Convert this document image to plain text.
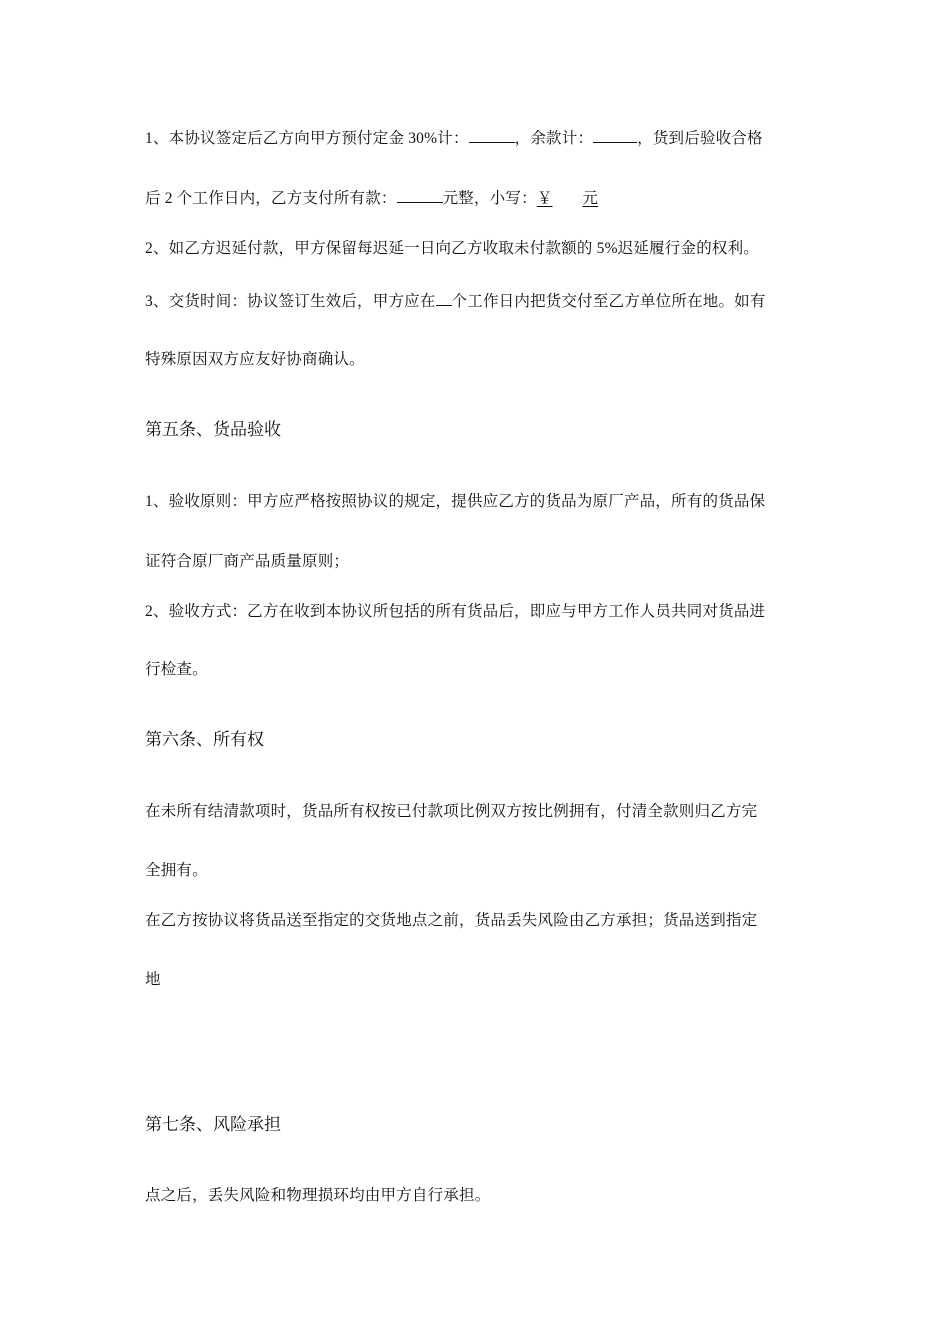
1、本协议签定后乙方向甲方预付定金 30%计：	，余款计：	，货到后验收合格
后 2 个工作日内，乙方支付所有款：	元整，小写：￥ 元
2、如乙方迟延付款，甲方保留每迟延一日向乙方收取未付款额的 5%迟延履行金的权利。
3、交货时间：协议签订生效后，甲方应在 个工作日内把货交付至乙方单位所在地。如有
特殊原因双方应友好协商确认。
第五条、货品验收
1、验收原则：甲方应严格按照协议的规定，提供应乙方的货品为原厂产品，所有的货品保
证符合原厂商产品质量原则；
2、验收方式：乙方在收到本协议所包括的所有货品后，即应与甲方工作人员共同对货品进
行检查。
第六条、所有权
在未所有结清款项时，货品所有权按已付款项比例双方按比例拥有，付清全款则归乙方完
全拥有。
在乙方按协议将货品送至指定的交货地点之前，货品丢失风险由乙方承担；货品送到指定
地
第七条、风险承担
点之后，丢失风险和物理损环均由甲方自行承担。
